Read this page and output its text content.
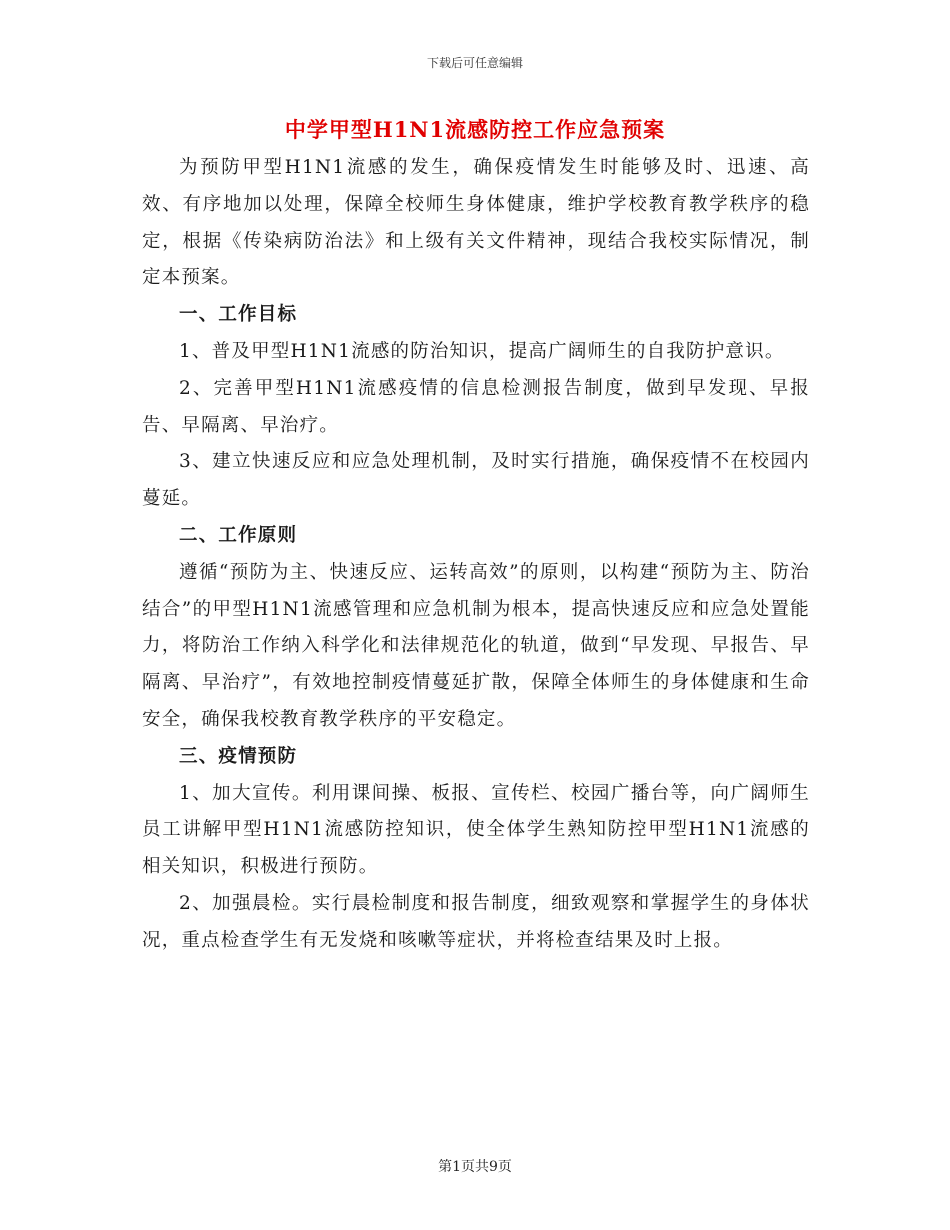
下载后可任意编辑
中学甲型H1N1流感防控工作应急预案

为预防甲型H1N1流感的发生，确保疫情发生时能够及时、迅速、高效、有序地加以处理，保障全校师生身体健康，维护学校教育教学秩序的稳定，根据《传染病防治法》和上级有关文件精神，现结合我校实际情况，制定本预案。

一、工作目标

1、普及甲型H1N1流感的防治知识，提高广阔师生的自我防护意识。

2、完善甲型H1N1流感疫情的信息检测报告制度，做到早发现、早报告、早隔离、早治疗。

3、建立快速反应和应急处理机制，及时实行措施，确保疫情不在校园内蔓延。

二、工作原则

遵循“预防为主、快速反应、运转高效”的原则，以构建“预防为主、防治结合”的甲型H1N1流感管理和应急机制为根本，提高快速反应和应急处置能力，将防治工作纳入科学化和法律规范化的轨道，做到“早发现、早报告、早隔离、早治疗”，有效地控制疫情蔓延扩散，保障全体师生的身体健康和生命安全，确保我校教育教学秩序的平安稳定。

三、疫情预防

1、加大宣传。利用课间操、板报、宣传栏、校园广播台等，向广阔师生员工讲解甲型H1N1流感防控知识，使全体学生熟知防控甲型H1N1流感的相关知识，积极进行预防。

2、加强晨检。实行晨检制度和报告制度，细致观察和掌握学生的身体状况，重点检查学生有无发烧和咳嗽等症状，并将检查结果及时上报。

第1页共9页
